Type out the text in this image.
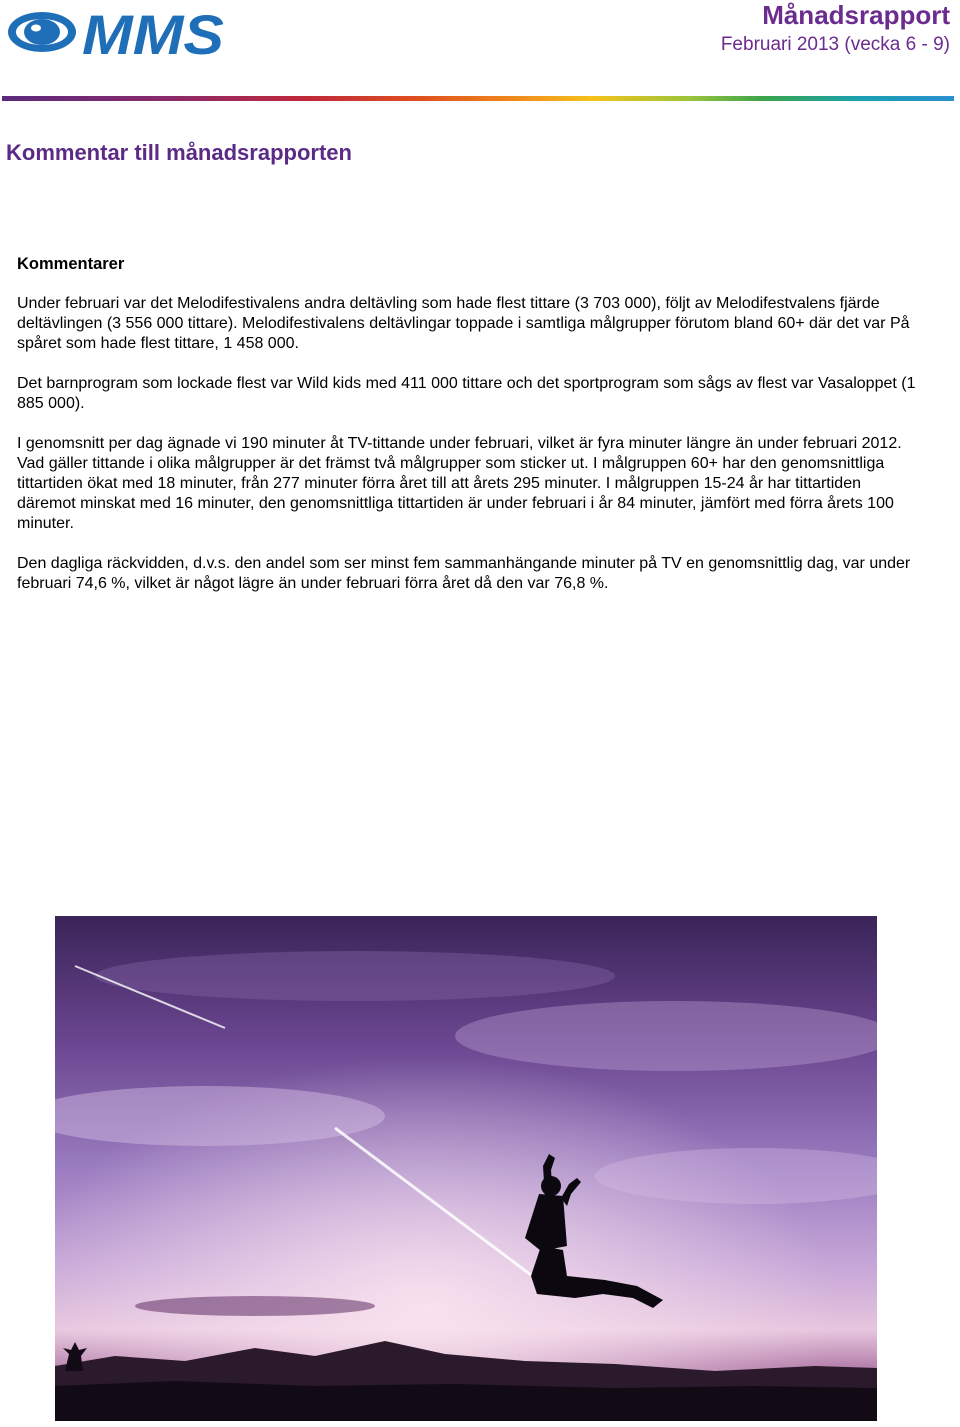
MMS	Månadsrapport
Februari 2013 (vecka 6 - 9)
Kommentar till månadsrapporten
Kommentarer

Under februari var det Melodifestivalens andra deltävling som hade flest tittare (3 703 000), följt av Melodifestvalens fjärde deltävlingen (3 556 000 tittare). Melodifestivalens deltävlingar toppade i samtliga målgrupper förutom bland 60+ där det var På spåret som hade flest tittare, 1 458 000.

Det barnprogram som lockade flest var Wild kids med 411 000 tittare och det sportprogram som sågs av flest var Vasaloppet (1 885 000).

I genomsnitt per dag ägnade vi 190 minuter åt TV-tittande under februari, vilket är fyra minuter längre än under februari 2012. Vad gäller tittande i olika målgrupper är det främst två målgrupper som sticker ut. I målgruppen 60+ har den genomsnittliga tittartiden ökat med 18 minuter, från 277 minuter förra året till att årets 295 minuter. I målgruppen 15-24 år har tittartiden däremot minskat med 16 minuter, den genomsnittliga tittartiden är under februari i år 84 minuter, jämfört med förra årets 100 minuter.

Den dagliga räckvidden, d.v.s. den andel som ser minst fem sammanhängande minuter på TV en genomsnittlig dag, var under februari 74,6 %, vilket är något lägre än under februari förra året då den var 76,8 %.
